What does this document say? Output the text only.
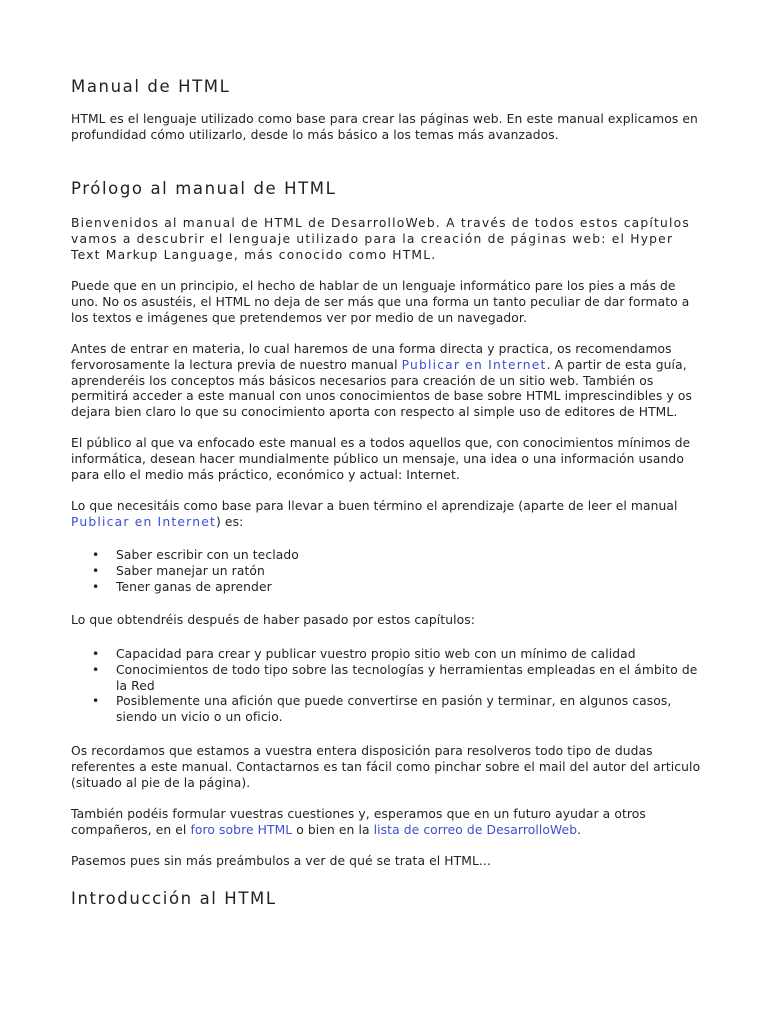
Manual de HTML

HTML es el lenguaje utilizado como base para crear las páginas web. En este manual explicamos en profundidad cómo utilizarlo, desde lo más básico a los temas más avanzados.

Prólogo al manual de HTML

Bienvenidos al manual de HTML de DesarrolloWeb. A través de todos estos capítulos vamos a descubrir el lenguaje utilizado para la creación de páginas web: el Hyper Text Markup Language, más conocido como HTML.

Puede que en un principio, el hecho de hablar de un lenguaje informático pare los pies a más de uno. No os asustéis, el HTML no deja de ser más que una forma un tanto peculiar de dar formato a los textos e imágenes que pretendemos ver por medio de un navegador.

Antes de entrar en materia, lo cual haremos de una forma directa y practica, os recomendamos fervorosamente la lectura previa de nuestro manual Publicar en Internet. A partir de esta guía, aprenderéis los conceptos más básicos necesarios para creación de un sitio web. También os permitirá acceder a este manual con unos conocimientos de base sobre HTML imprescindibles y os dejara bien claro lo que su conocimiento aporta con respecto al simple uso de editores de HTML.

El público al que va enfocado este manual es a todos aquellos que, con conocimientos mínimos de informática, desean hacer mundialmente público un mensaje, una idea o una información usando para ello el medio más práctico, económico y actual: Internet.

Lo que necesitáis como base para llevar a buen término el aprendizaje (aparte de leer el manual Publicar en Internet) es:

• Saber escribir con un teclado
• Saber manejar un ratón
• Tener ganas de aprender

Lo que obtendréis después de haber pasado por estos capítulos:

• Capacidad para crear y publicar vuestro propio sitio web con un mínimo de calidad
• Conocimientos de todo tipo sobre las tecnologías y herramientas empleadas en el ámbito de la Red
• Posiblemente una afición que puede convertirse en pasión y terminar, en algunos casos, siendo un vicio o un oficio.

Os recordamos que estamos a vuestra entera disposición para resolveros todo tipo de dudas referentes a este manual. Contactarnos es tan fácil como pinchar sobre el mail del autor del articulo (situado al pie de la página).

También podéis formular vuestras cuestiones y, esperamos que en un futuro ayudar a otros compañeros, en el foro sobre HTML o bien en la lista de correo de DesarrolloWeb.

Pasemos pues sin más preámbulos a ver de qué se trata el HTML...

Introducción al HTML
